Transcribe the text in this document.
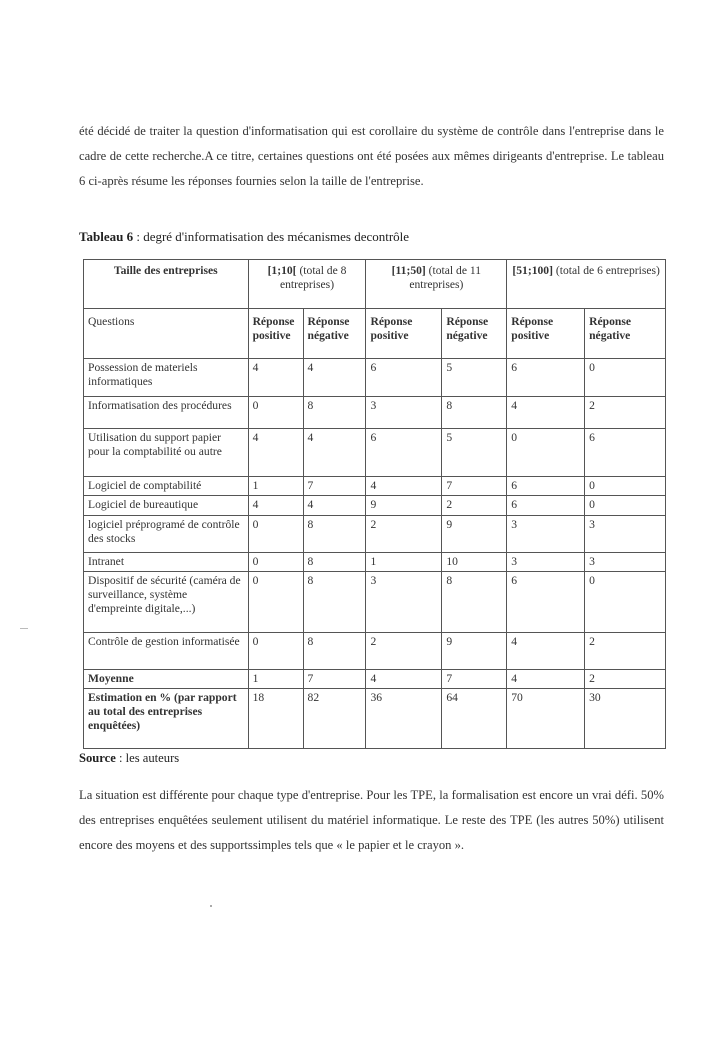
été décidé de traiter la question d'informatisation qui est corollaire du système de contrôle dans l'entreprise dans le cadre de cette recherche.A ce titre, certaines questions ont été posées aux mêmes dirigeants d'entreprise. Le tableau 6 ci-après résume les réponses fournies selon la taille de l'entreprise.
Tableau 6 : degré d'informatisation des mécanismes decontrôle
Taille des entreprises	[1;10[ (total de 8 entreprises)		[11;50] (total de 11 entreprises)		[51;100] (total de 6 entreprises)	
Questions	Réponse positive	Réponse négative	Réponse positive	Réponse négative	Réponse positive	Réponse négative
Possession de materiels informatiques	4	4	6	5	6	0
Informatisation des procédures	0	8	3	8	4	2
Utilisation du support papier pour la comptabilité ou autre	4	4	6	5	0	6
Logiciel de comptabilité	1	7	4	7	6	0
Logiciel de bureautique	4	4	9	2	6	0
logiciel préprogramé de contrôle des stocks	0	8	2	9	3	3
Intranet	0	8	1	10	3	3
Dispositif de sécurité (caméra de surveillance, système d'empreinte digitale,...)	0	8	3	8	6	0
Contrôle de gestion informatisée	0	8	2	9	4	2
Moyenne	1	7	4	7	4	2
Estimation en % (par rapport au total des entreprises enquêtées)	18	82	36	64	70	30
Source : les auteurs
La situation est différente pour chaque type d'entreprise. Pour les TPE, la formalisation est encore un vrai défi. 50% des entreprises enquêtées seulement utilisent du matériel informatique. Le reste des TPE (les autres 50%) utilisent encore des moyens et des supportssimples tels que « le papier et le crayon ».
